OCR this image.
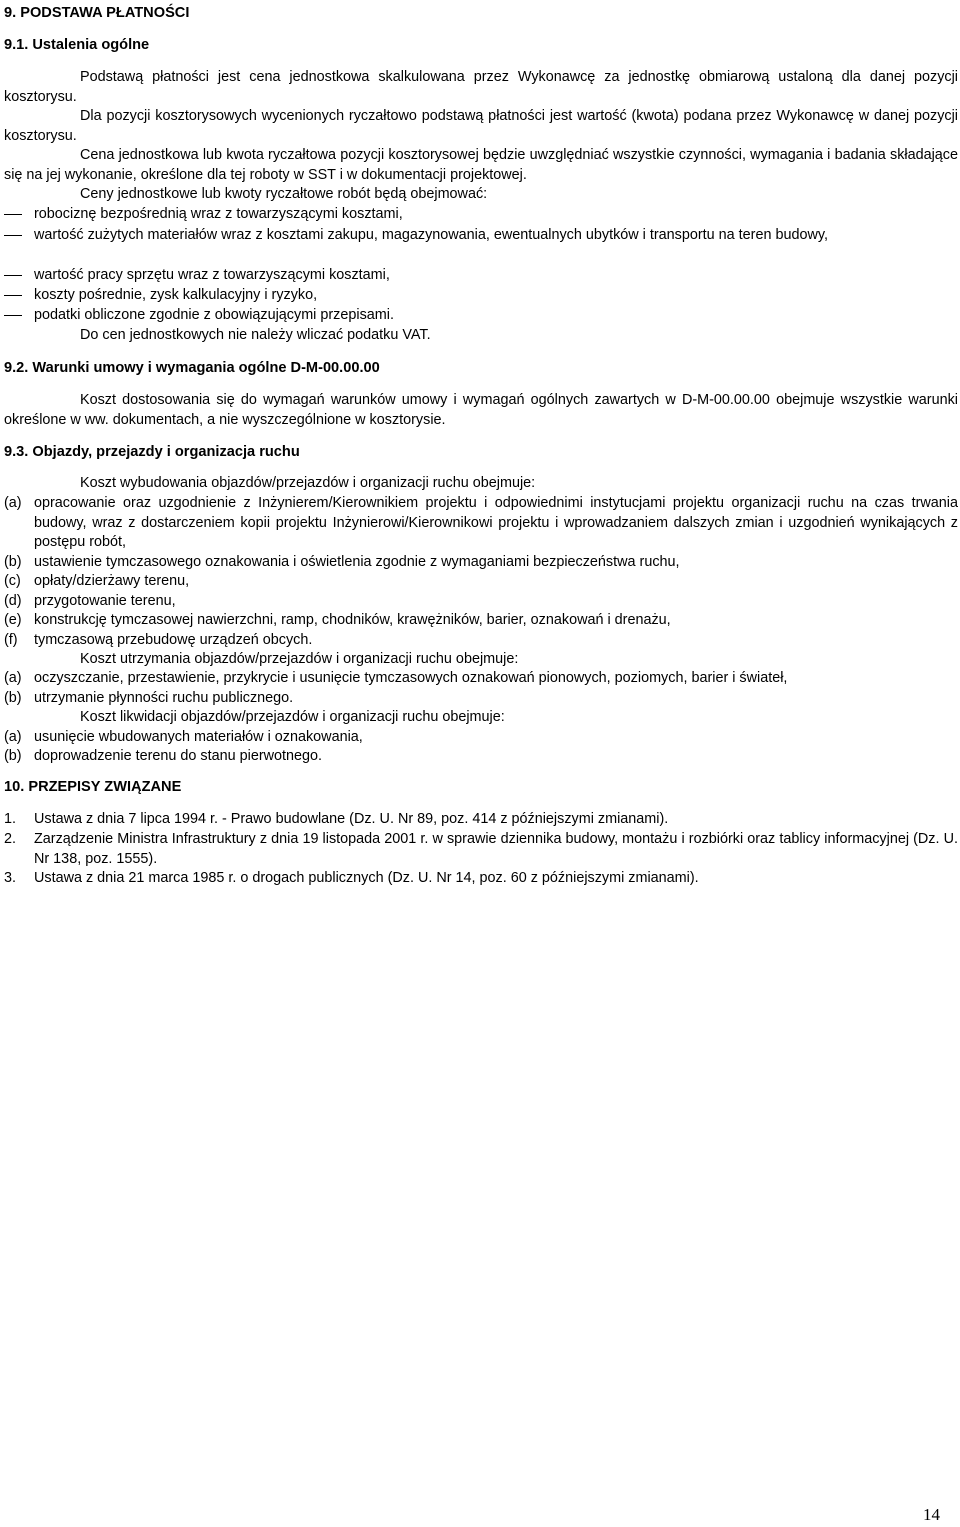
9. PODSTAWA PŁATNOŚCI
9.1. Ustalenia ogólne
Podstawą płatności jest cena jednostkowa skalkulowana przez Wykonawcę za jednostkę obmiarową ustaloną dla danej pozycji kosztorysu.
Dla pozycji kosztorysowych wycenionych ryczałtowo podstawą płatności jest wartość (kwota) podana przez Wykonawcę w danej pozycji kosztorysu.
Cena jednostkowa lub kwota ryczałtowa pozycji kosztorysowej będzie uwzględniać wszystkie czynności, wymagania i badania składające się na jej wykonanie, określone dla tej roboty w SST i w dokumentacji projektowej.
Ceny jednostkowe lub kwoty ryczałtowe robót będą obejmować:
robociznę bezpośrednią wraz z towarzyszącymi kosztami,
wartość zużytych materiałów wraz z kosztami zakupu, magazynowania, ewentualnych ubytków i transportu na teren budowy,
wartość pracy sprzętu wraz z towarzyszącymi kosztami,
koszty pośrednie, zysk kalkulacyjny i ryzyko,
podatki obliczone zgodnie z obowiązującymi przepisami.
Do cen jednostkowych nie należy wliczać podatku VAT.
9.2. Warunki umowy i wymagania ogólne D-M-00.00.00
Koszt dostosowania się do wymagań warunków umowy i wymagań ogólnych zawartych w D-M-00.00.00 obejmuje wszystkie warunki określone w ww. dokumentach, a nie wyszczególnione w kosztorysie.
9.3. Objazdy, przejazdy i organizacja ruchu
Koszt wybudowania objazdów/przejazdów i organizacji ruchu obejmuje:
(a) opracowanie oraz uzgodnienie z Inżynierem/Kierownikiem projektu i odpowiednimi instytucjami projektu organizacji ruchu na czas trwania budowy, wraz z dostarczeniem kopii projektu Inżynierowi/Kierownikowi projektu i wprowadzaniem dalszych zmian i uzgodnień wynikających z postępu robót,
(b) ustawienie tymczasowego oznakowania i oświetlenia zgodnie z wymaganiami bezpieczeństwa ruchu,
(c) opłaty/dzierżawy terenu,
(d) przygotowanie terenu,
(e) konstrukcję tymczasowej nawierzchni, ramp, chodników, krawężników, barier, oznakowań i drenażu,
(f) tymczasową przebudowę urządzeń obcych.
Koszt utrzymania objazdów/przejazdów i organizacji ruchu obejmuje:
(a) oczyszczanie, przestawienie, przykrycie i usunięcie tymczasowych oznakowań pionowych, poziomych, barier i świateł,
(b) utrzymanie płynności ruchu publicznego.
Koszt likwidacji objazdów/przejazdów i organizacji ruchu obejmuje:
(a) usunięcie wbudowanych materiałów i oznakowania,
(b) doprowadzenie terenu do stanu pierwotnego.
10. PRZEPISY ZWIĄZANE
1. Ustawa z dnia 7 lipca 1994 r. - Prawo budowlane (Dz. U. Nr 89, poz. 414 z późniejszymi zmianami).
2. Zarządzenie Ministra Infrastruktury z dnia 19 listopada 2001 r. w sprawie dziennika budowy, montażu i rozbiórki oraz tablicy informacyjnej (Dz. U. Nr 138, poz. 1555).
3. Ustawa z dnia 21 marca 1985 r. o drogach publicznych (Dz. U. Nr 14, poz. 60 z późniejszymi zmianami).
14
